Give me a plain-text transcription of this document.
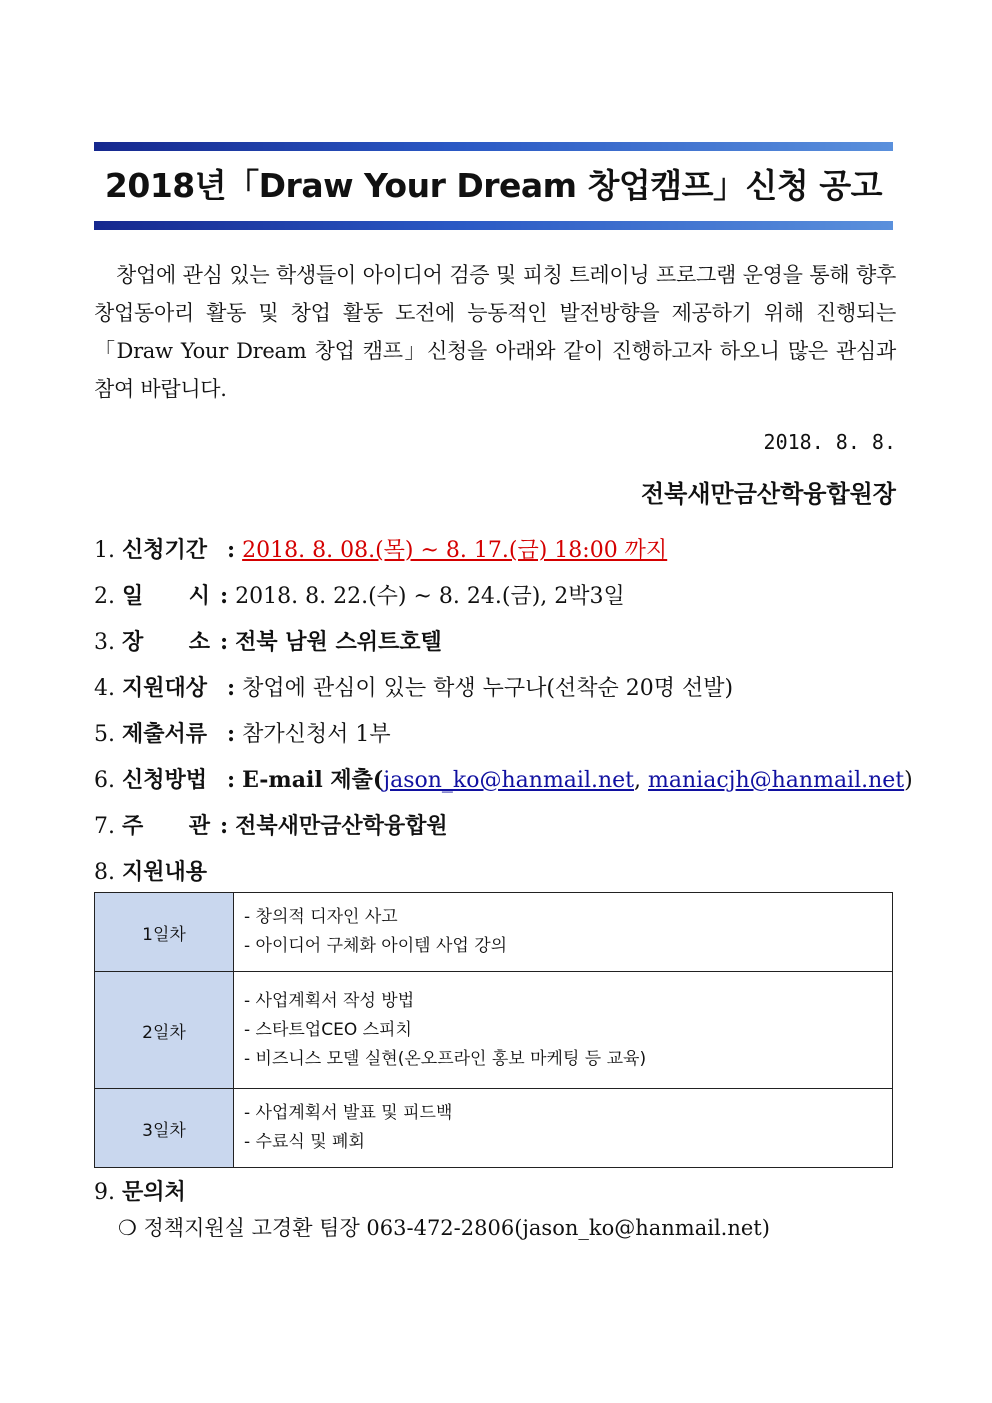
2018년「Draw Your Dream 창업캠프」신청 공고
창업에 관심 있는 학생들이 아이디어 검증 및 피칭 트레이닝 프로그램 운영을 통해 향후 창업동아리 활동 및 창업 활동 도전에 능동적인 발전방향을 제공하기 위해 진행되는「Draw Your Dream 창업 캠프」신청을 아래와 같이 진행하고자 하오니 많은 관심과 참여 바랍니다.
2018. 8. 8.
전북새만금산학융합원장
1. 신청기간 : 2018. 8. 08.(목) ~ 8. 17.(금) 18:00 까지
2. 일 시 : 2018. 8. 22.(수) ~ 8. 24.(금), 2박3일
3. 장 소 : 전북 남원 스위트호텔
4. 지원대상 : 창업에 관심이 있는 학생 누구나(선착순 20명 선발)
5. 제출서류 : 참가신청서 1부
6. 신청방법 : E-mail 제출(jason_ko@hanmail.net, maniacjh@hanmail.net)
7. 주 관 : 전북새만금산학융합원
8. 지원내용
1일차	- 창의적 디자인 사고
- 아이디어 구체화 아이템 사업 강의

2일차	- 사업계획서 작성 방법
- 스타트업CEO 스피치
- 비즈니스 모델 실현(온오프라인 홍보 마케팅 등 교육)

3일차	- 사업계획서 발표 및 피드백
- 수료식 및 폐회
9. 문의처
❍ 정책지원실 고경환 팀장 063-472-2806(jason_ko@hanmail.net)
